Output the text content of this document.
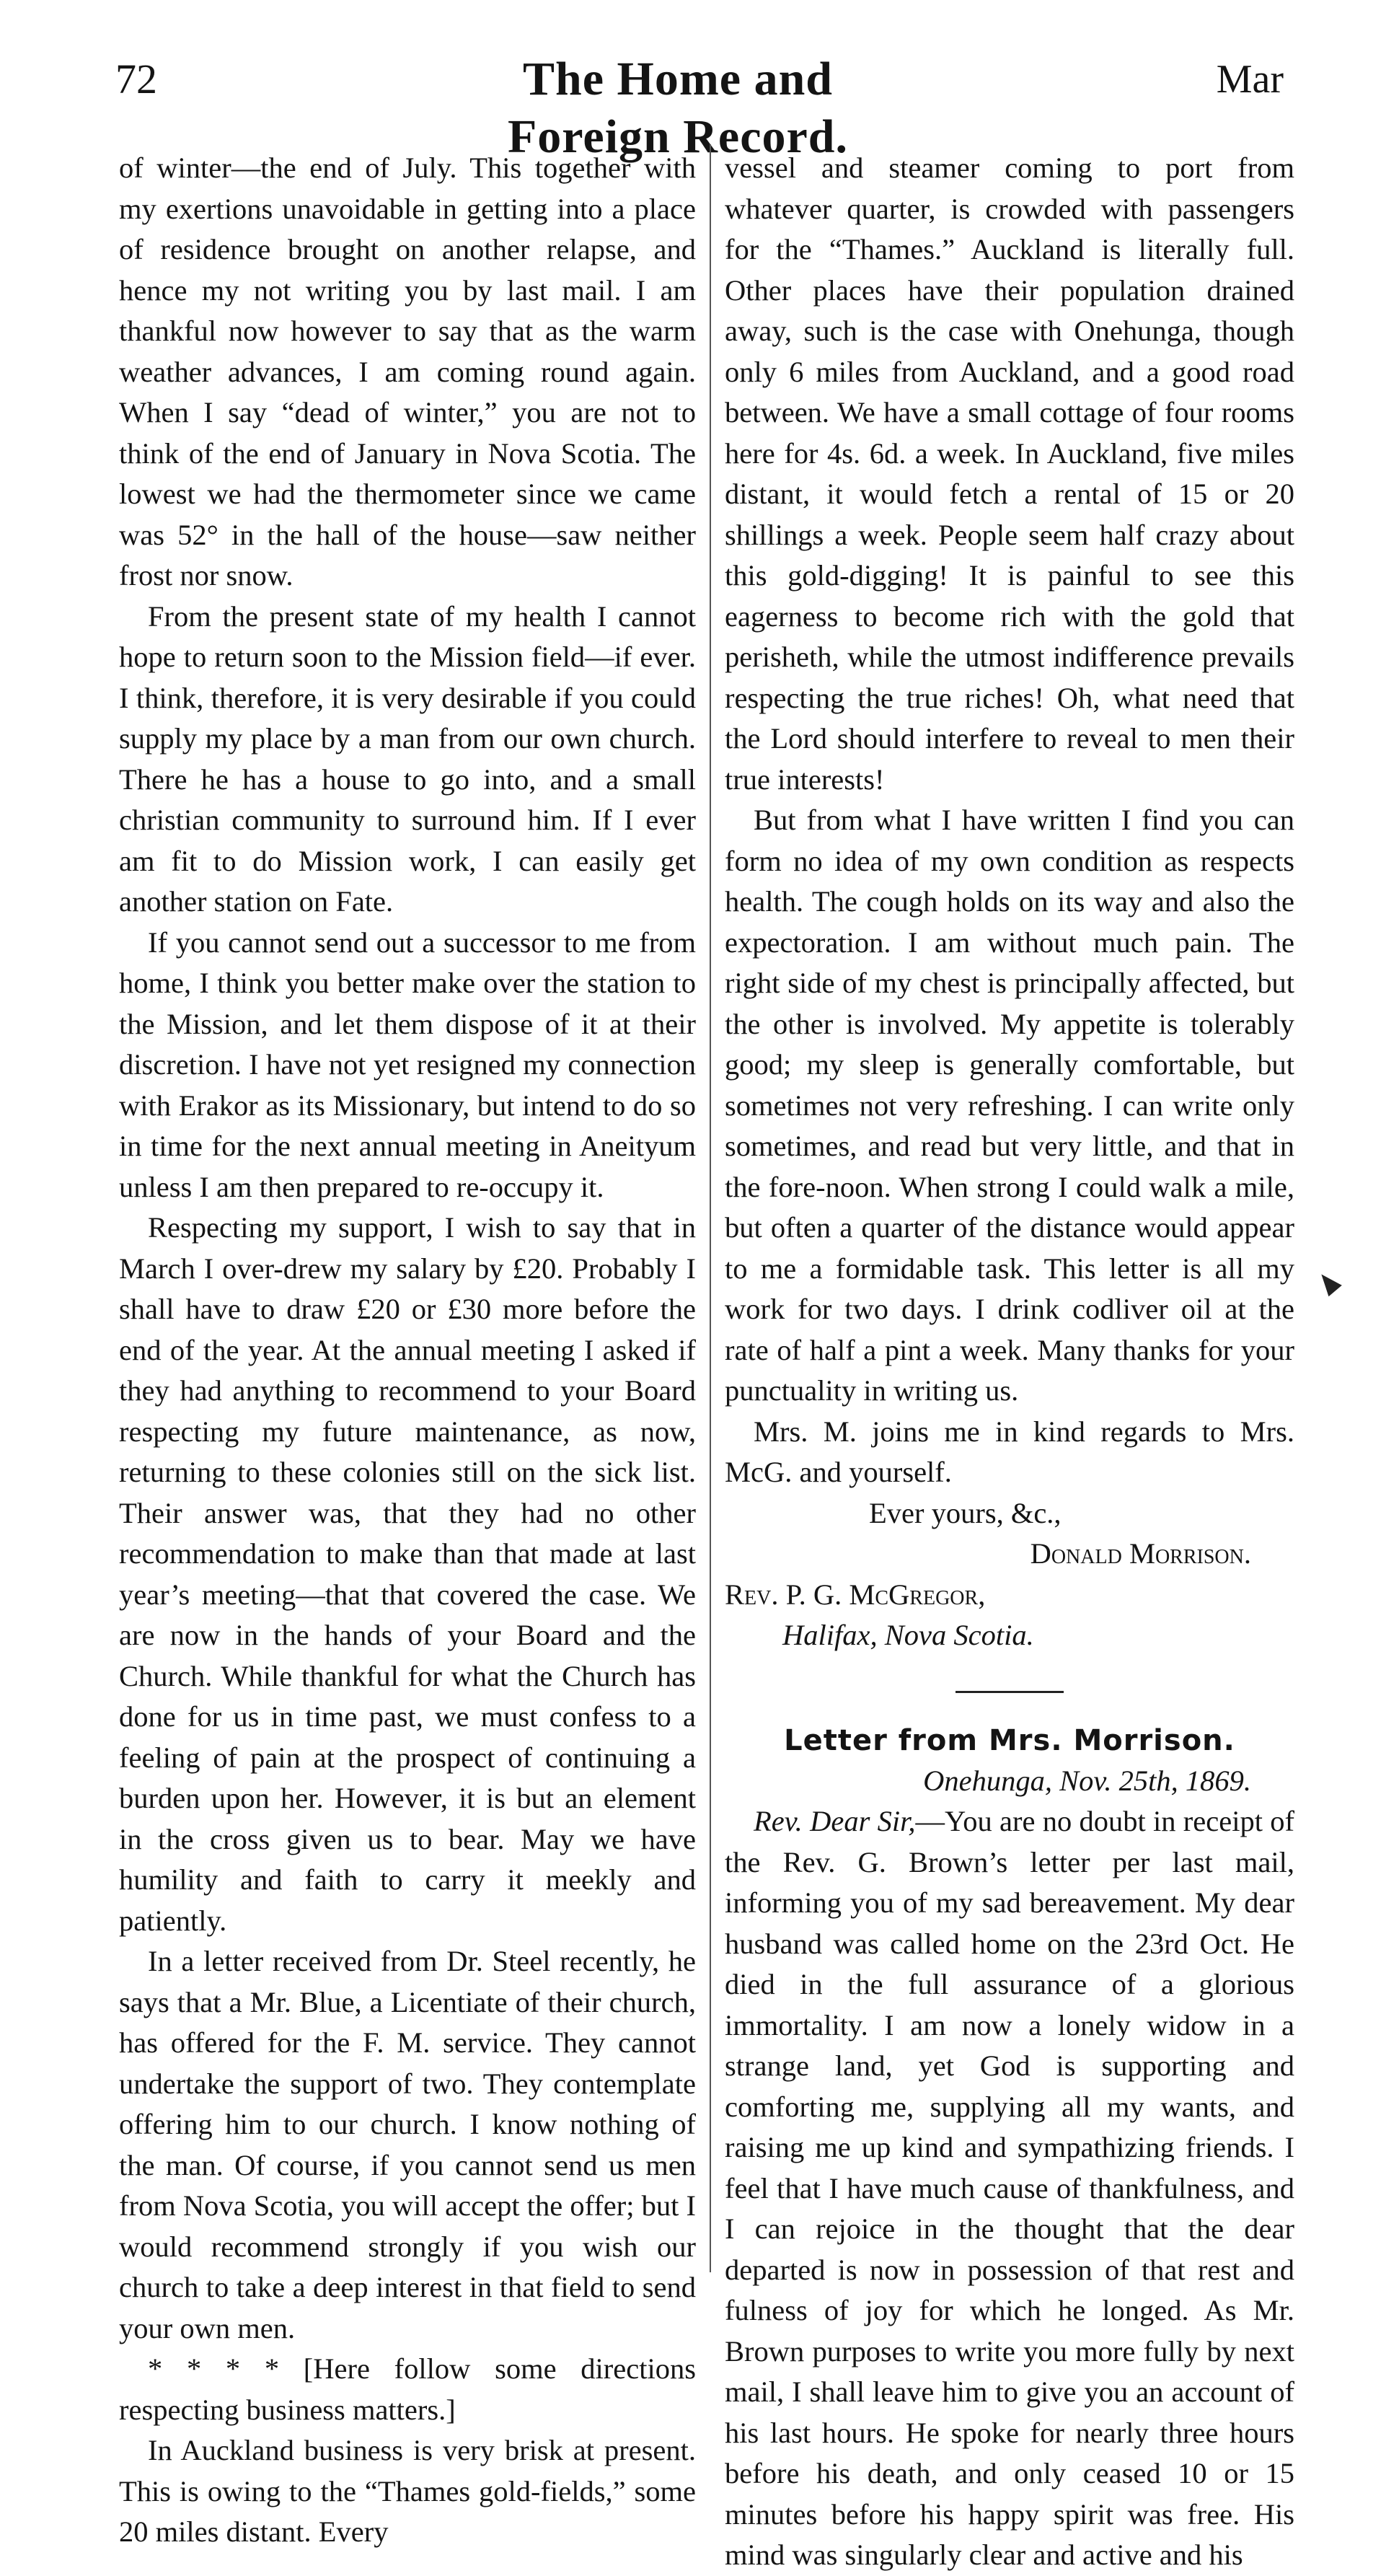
72	The Home and Foreign Record.
Mar

of winter—the end of July. This together with my exertions unavoidable in getting into a place of residence brought on another relapse, and hence my not writing you by last mail. I am thankful now however to say that as the warm weather advances, I am coming round again. When I say “dead of winter,” you are not to think of the end of January in Nova Scotia. The lowest we had the thermometer since we came was 52° in the hall of the house—saw neither frost nor snow.

From the present state of my health I cannot hope to return soon to the Mission field—if ever. I think, therefore, it is very desirable if you could supply my place by a man from our own church. There he has a house to go into, and a small christian community to surround him. If I ever am fit to do Mission work, I can easily get another station on Fate.

If you cannot send out a successor to me from home, I think you better make over the station to the Mission, and let them dispose of it at their discretion. I have not yet resigned my connection with Erakor as its Missionary, but intend to do so in time for the next annual meeting in Aneityum unless I am then prepared to re-occupy it.

Respecting my support, I wish to say that in March I over-drew my salary by £20. Probably I shall have to draw £20 or £30 more before the end of the year. At the annual meeting I asked if they had anything to recommend to your Board respecting my future maintenance, as now, returning to these colonies still on the sick list. Their answer was, that they had no other recommendation to make than that made at last year’s meeting—that that covered the case. We are now in the hands of your Board and the Church. While thankful for what the Church has done for us in time past, we must confess to a feeling of pain at the prospect of continuing a burden upon her. However, it is but an element in the cross given us to bear. May we have humility and faith to carry it meekly and patiently.

In a letter received from Dr. Steel recently, he says that a Mr. Blue, a Licentiate of their church, has offered for the F. M. service. They cannot undertake the support of two. They contemplate offering him to our church. I know nothing of the man. Of course, if you cannot send us men from Nova Scotia, you will accept the offer; but I would recommend strongly if you wish our church to take a deep interest in that field to send your own men.

* * * * [Here follow some directions respecting business matters.]

In Auckland business is very brisk at present. This is owing to the “Thames gold-fields,” some 20 miles distant. Every

vessel and steamer coming to port from whatever quarter, is crowded with passengers for the “Thames.” Auckland is literally full. Other places have their population drained away, such is the case with Onehunga, though only 6 miles from Auckland, and a good road between. We have a small cottage of four rooms here for 4s. 6d. a week. In Auckland, five miles distant, it would fetch a rental of 15 or 20 shillings a week. People seem half crazy about this gold-digging! It is painful to see this eagerness to become rich with the gold that perisheth, while the utmost indifference prevails respecting the true riches! Oh, what need that the Lord should interfere to reveal to men their true interests!

But from what I have written I find you can form no idea of my own condition as respects health. The cough holds on its way and also the expectoration. I am without much pain. The right side of my chest is principally affected, but the other is involved. My appetite is tolerably good; my sleep is generally comfortable, but sometimes not very refreshing. I can write only sometimes, and read but very little, and that in the fore-noon. When strong I could walk a mile, but often a quarter of the distance would appear to me a formidable task. This letter is all my work for two days. I drink codliver oil at the rate of half a pint a week. Many thanks for your punctuality in writing us.

Mrs. M. joins me in kind regards to Mrs. McG. and yourself.

Ever yours, &c.,

Donald Morrison.

Rev. P. G. McGregor,

Halifax, Nova Scotia.

Letter from Mrs. Morrison.

Onehunga, Nov. 25th, 1869.

Rev. Dear Sir,—You are no doubt in receipt of the Rev. G. Brown’s letter per last mail, informing you of my sad bereavement. My dear husband was called home on the 23rd Oct. He died in the full assurance of a glorious immortality. I am now a lonely widow in a strange land, yet God is supporting and comforting me, supplying all my wants, and raising me up kind and sympathizing friends. I feel that I have much cause of thankfulness, and I can rejoice in the thought that the dear departed is now in possession of that rest and fulness of joy for which he longed. As Mr. Brown purposes to write you more fully by next mail, I shall leave him to give you an account of his last hours. He spoke for nearly three hours before his death, and only ceased 10 or 15 minutes before his happy spirit was free. His mind was singularly clear and active and his
